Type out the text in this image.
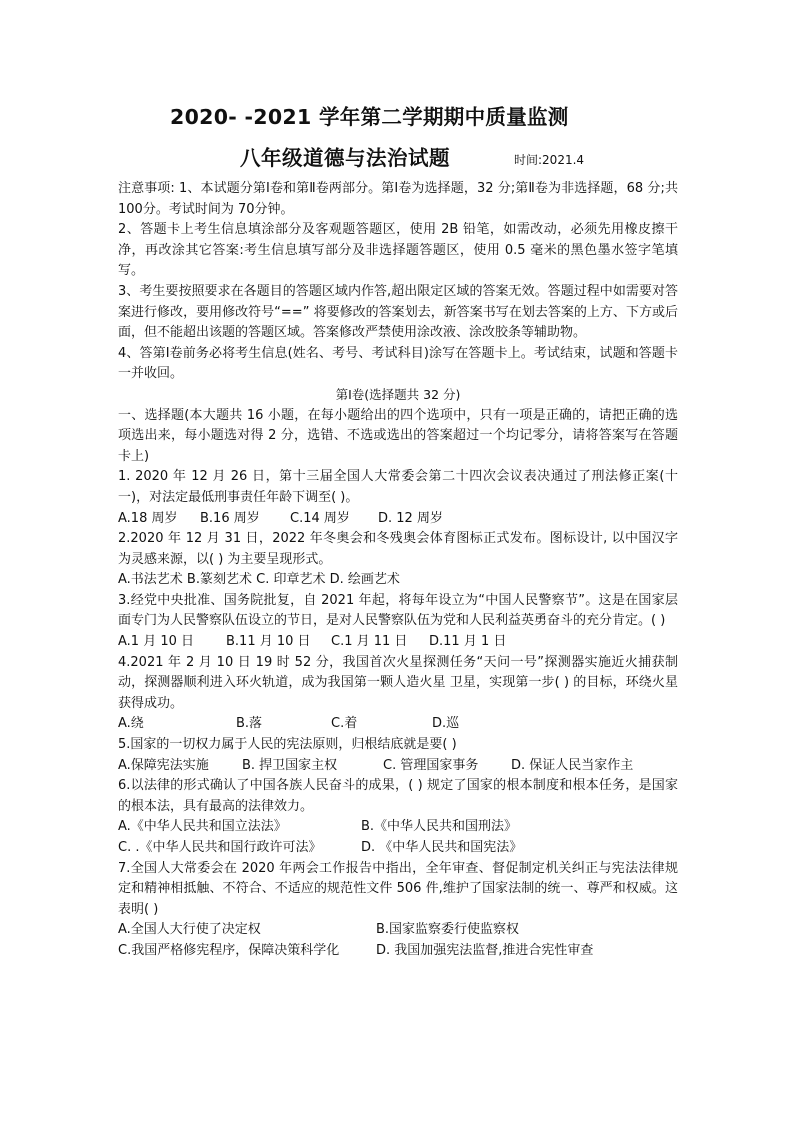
2020- -2021 学年第二学期期中质量监测
八年级道德与法治试题	时间:2021.4

注意事项: 1、本试题分第Ⅰ卷和第Ⅱ卷两部分。第Ⅰ卷为选择题，32 分;第Ⅱ卷为非选择题，68 分;共 100分。考试时间为 70分钟。

2、答题卡上考生信息填涂部分及客观题答题区，使用 2B 铅笔，如需改动，必须先用橡皮擦干净，再改涂其它答案:考生信息填写部分及非选择题答题区，使用 0.5 毫米的黑色墨水签字笔填写。

3、考生要按照要求在各题目的答题区域内作答,超出限定区域的答案无效。答题过程中如需要对答案进行修改，要用修改符号“==” 将要修改的答案划去，新答案书写在划去答案的上方、下方或后面，但不能超出该题的答题区域。答案修改严禁使用涂改液、涂改胶条等辅助物。

4、答第Ⅰ卷前务必将考生信息(姓名、考号、考试科目)涂写在答题卡上。考试结束，试题和答题卡一并收回。

第Ⅰ卷(选择题共 32 分)

一、选择题(本大题共 16 小题，在每小题给出的四个选项中，只有一项是正确的，请把正确的选项选出来，每小题选对得 2 分，选错、不选或选出的答案超过一个均记零分，请将答案写在答题卡上)

1. 2020 年 12 月 26 日，第十三届全国人大常委会第二十四次会议表决通过了刑法修正案(十一)，对法定最低刑事责任年龄下调至( )。

A.18 周岁	B.16 周岁	C.14 周岁	D. 12 周岁

2.2020 年 12 月 31 日，2022 年冬奥会和冬残奥会体育图标正式发布。图标设计, 以中国汉字为灵感来源，以( ) 为主要呈现形式。

A.书法艺术 B.篆刻艺术 C. 印章艺术 D. 绘画艺术

3.经党中央批准、国务院批复，自 2021 年起，将每年设立为“中国人民警察节”。这是在国家层面专门为人民警察队伍设立的节日，是对人民警察队伍为党和人民利益英勇奋斗的充分肯定。( )

A.1 月 10 日	B.11 月 10 日	C.1 月 11 日	D.11 月 1 日

4.2021 年 2 月 10 日 19 时 52 分，我国首次火星探测任务“天问一号”探测器实施近火捕获制动，探测器顺利进入环火轨道，成为我国第一颗人造火星 卫星，实现第一步( ) 的目标，环绕火星获得成功。

A.绕	B.落	C.着	D.巡

5.国家的一切权力属于人民的宪法原则，归根结底就是要( )

A.保障宪法实施	B. 捍卫国家主权	C. 管理国家事务	D. 保证人民当家作主

6.以法律的形式确认了中国各族人民奋斗的成果，( ) 规定了国家的根本制度和根本任务，是国家的根本法，具有最高的法律效力。

A.《中华人民共和国立法法》	B.《中华人民共和国刑法》
C. .《中华人民共和国行政许可法》	D. 《中华人民共和国宪法》

7.全国人大常委会在 2020 年两会工作报告中指出，全年审查、督促制定机关纠正与宪法法律规定和精神相抵触、不符合、不适应的规范性文件 506 件,维护了国家法制的统一、尊严和权威。这表明( )

A.全国人大行使了决定权	B.国家监察委行使监察权
C.我国严格修宪程序，保障决策科学化	D. 我国加强宪法监督,推进合宪性审查
